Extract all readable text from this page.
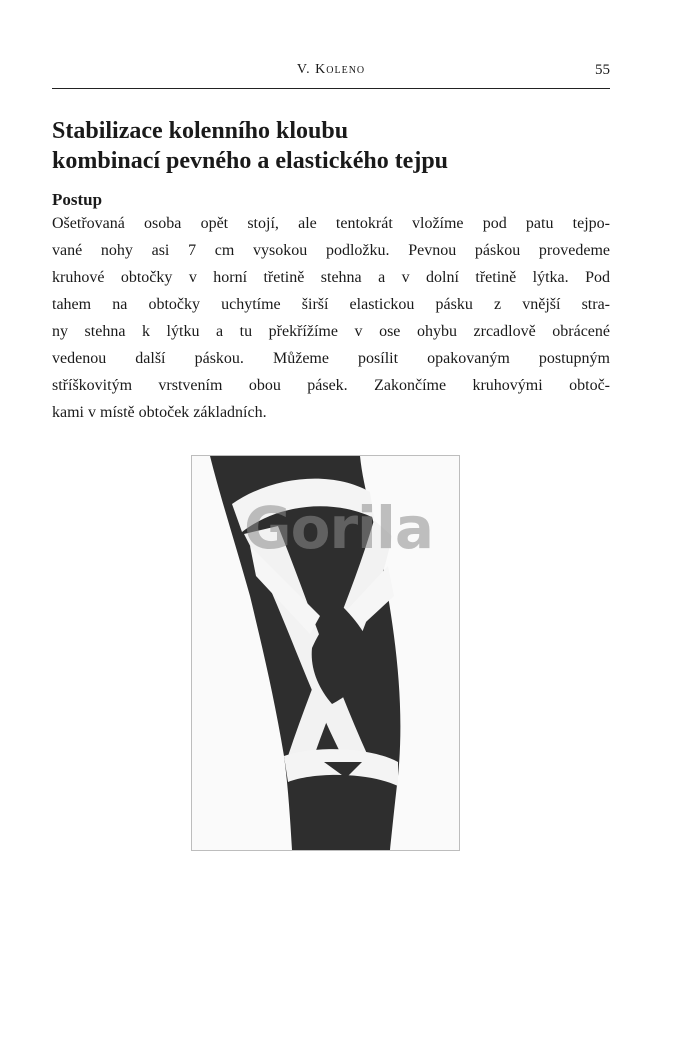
V. Koleno	55
Stabilizace kolenního kloubu
kombinací pevného a elastického tejpu
Postup
Ošetřovaná osoba opět stojí, ale tentokrát vložíme pod patu tejpo-
vané nohy asi 7 cm vysokou podložku. Pevnou páskou provedeme
kruhové obtočky v horní třetině stehna a v dolní třetině lýtka. Pod
tahem na obtočky uchytíme širší elastickou pásku z vnější stra-
ny stehna k lýtku a tu překřížíme v ose ohybu zrcadlově obrácené
vedenou další páskou. Můžeme posílit opakovaným postupným
stříškovitým vrstvením obou pásek. Zakončíme kruhovými obtoč-
kami v místě obtoček základních.
Gorila
